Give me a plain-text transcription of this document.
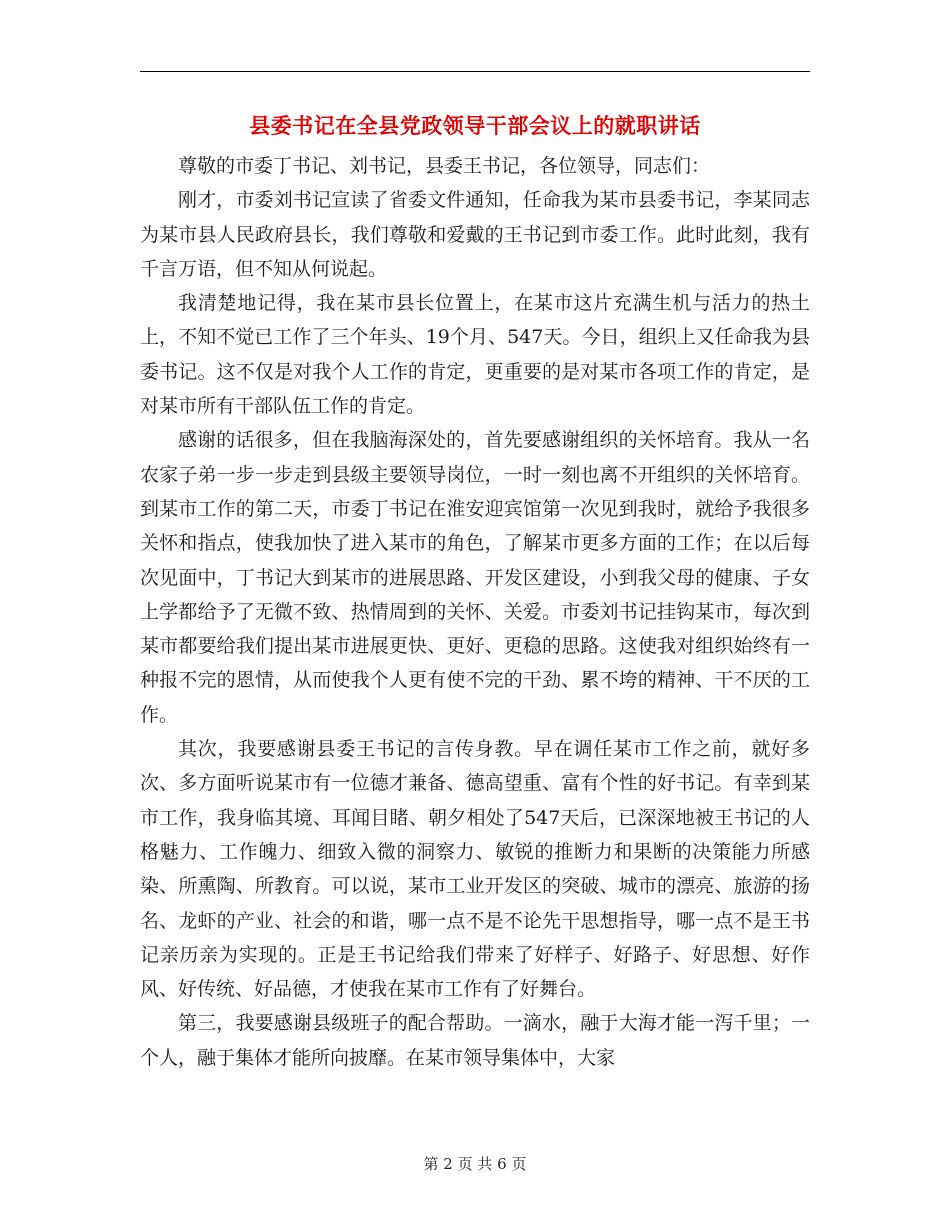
县委书记在全县党政领导干部会议上的就职讲话

尊敬的市委丁书记、刘书记，县委王书记，各位领导，同志们：

刚才，市委刘书记宣读了省委文件通知，任命我为某市县委书记，李某同志为某市县人民政府县长，我们尊敬和爱戴的王书记到市委工作。此时此刻，我有千言万语，但不知从何说起。

我清楚地记得，我在某市县长位置上，在某市这片充满生机与活力的热土上，不知不觉已工作了三个年头、19个月、547天。今日，组织上又任命我为县委书记。这不仅是对我个人工作的肯定，更重要的是对某市各项工作的肯定，是对某市所有干部队伍工作的肯定。

感谢的话很多，但在我脑海深处的，首先要感谢组织的关怀培育。我从一名农家子弟一步一步走到县级主要领导岗位，一时一刻也离不开组织的关怀培育。到某市工作的第二天，市委丁书记在淮安迎宾馆第一次见到我时，就给予我很多关怀和指点，使我加快了进入某市的角色，了解某市更多方面的工作；在以后每次见面中，丁书记大到某市的进展思路、开发区建设，小到我父母的健康、子女上学都给予了无微不致、热情周到的关怀、关爱。市委刘书记挂钩某市，每次到某市都要给我们提出某市进展更快、更好、更稳的思路。这使我对组织始终有一种报不完的恩情，从而使我个人更有使不完的干劲、累不垮的精神、干不厌的工作。

其次，我要感谢县委王书记的言传身教。早在调任某市工作之前，就好多次、多方面听说某市有一位德才兼备、德高望重、富有个性的好书记。有幸到某市工作，我身临其境、耳闻目睹、朝夕相处了547天后，已深深地被王书记的人格魅力、工作魄力、细致入微的洞察力、敏锐的推断力和果断的决策能力所感染、所熏陶、所教育。可以说，某市工业开发区的突破、城市的漂亮、旅游的扬名、龙虾的产业、社会的和谐，哪一点不是不论先干思想指导，哪一点不是王书记亲历亲为实现的。正是王书记给我们带来了好样子、好路子、好思想、好作风、好传统、好品德，才使我在某市工作有了好舞台。

第三，我要感谢县级班子的配合帮助。一滴水，融于大海才能一泻千里；一个人，融于集体才能所向披靡。在某市领导集体中，大家

第 2 页 共 6 页
